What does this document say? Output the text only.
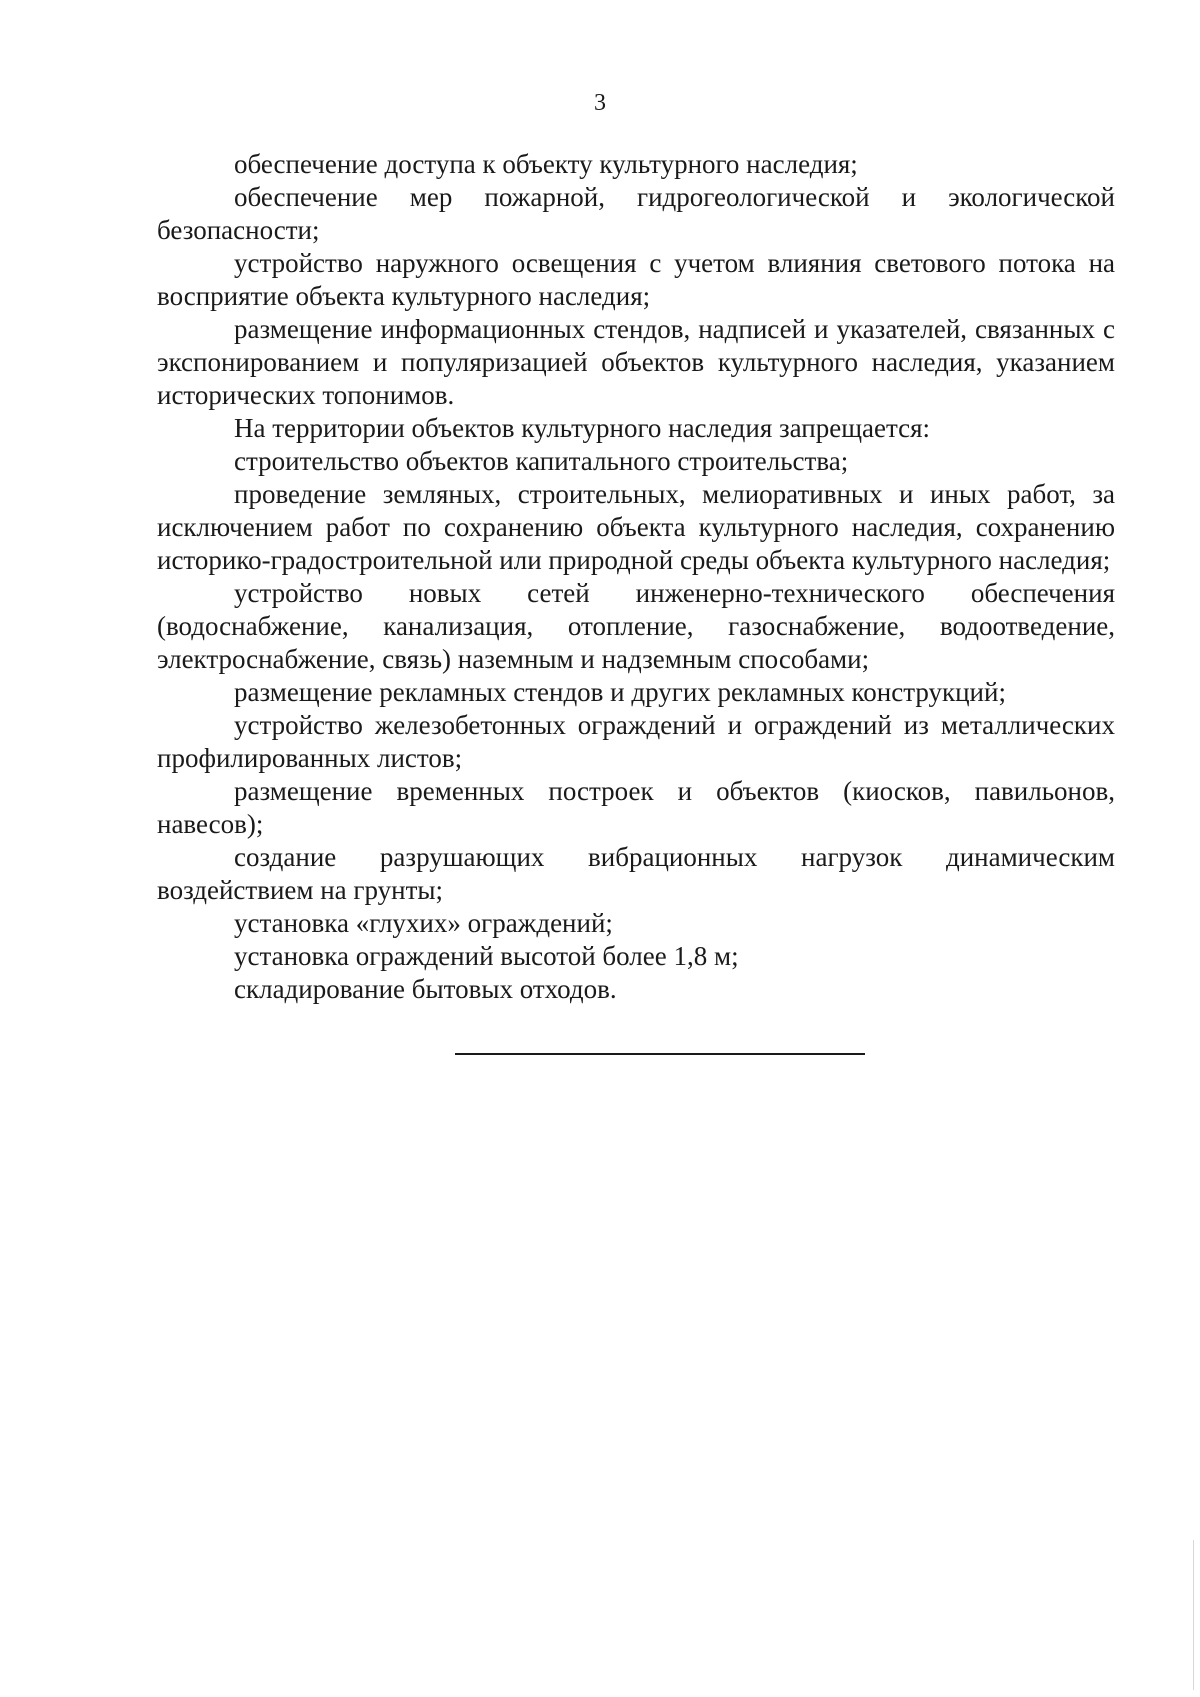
3

обеспечение доступа к объекту культурного наследия;

обеспечение мер пожарной, гидрогеологической и экологической безопасности;

устройство наружного освещения с учетом влияния светового потока на восприятие объекта культурного наследия;

размещение информационных стендов, надписей и указателей, связанных с экспонированием и популяризацией объектов культурного наследия, указанием исторических топонимов.

На территории объектов культурного наследия запрещается:

строительство объектов капитального строительства;

проведение земляных, строительных, мелиоративных и иных работ, за исключением работ по сохранению объекта культурного наследия, сохранению историко-градостроительной или природной среды объекта культурного наследия;

устройство новых сетей инженерно-технического обеспечения (водоснабжение, канализация, отопление, газоснабжение, водоотведение, электроснабжение, связь) наземным и надземным способами;

размещение рекламных стендов и других рекламных конструкций;

устройство железобетонных ограждений и ограждений из металлических профилированных листов;

размещение временных построек и объектов (киосков, павильонов, навесов);

создание разрушающих вибрационных нагрузок динамическим воздействием на грунты;

установка «глухих» ограждений;

установка ограждений высотой более 1,8 м;

складирование бытовых отходов.
